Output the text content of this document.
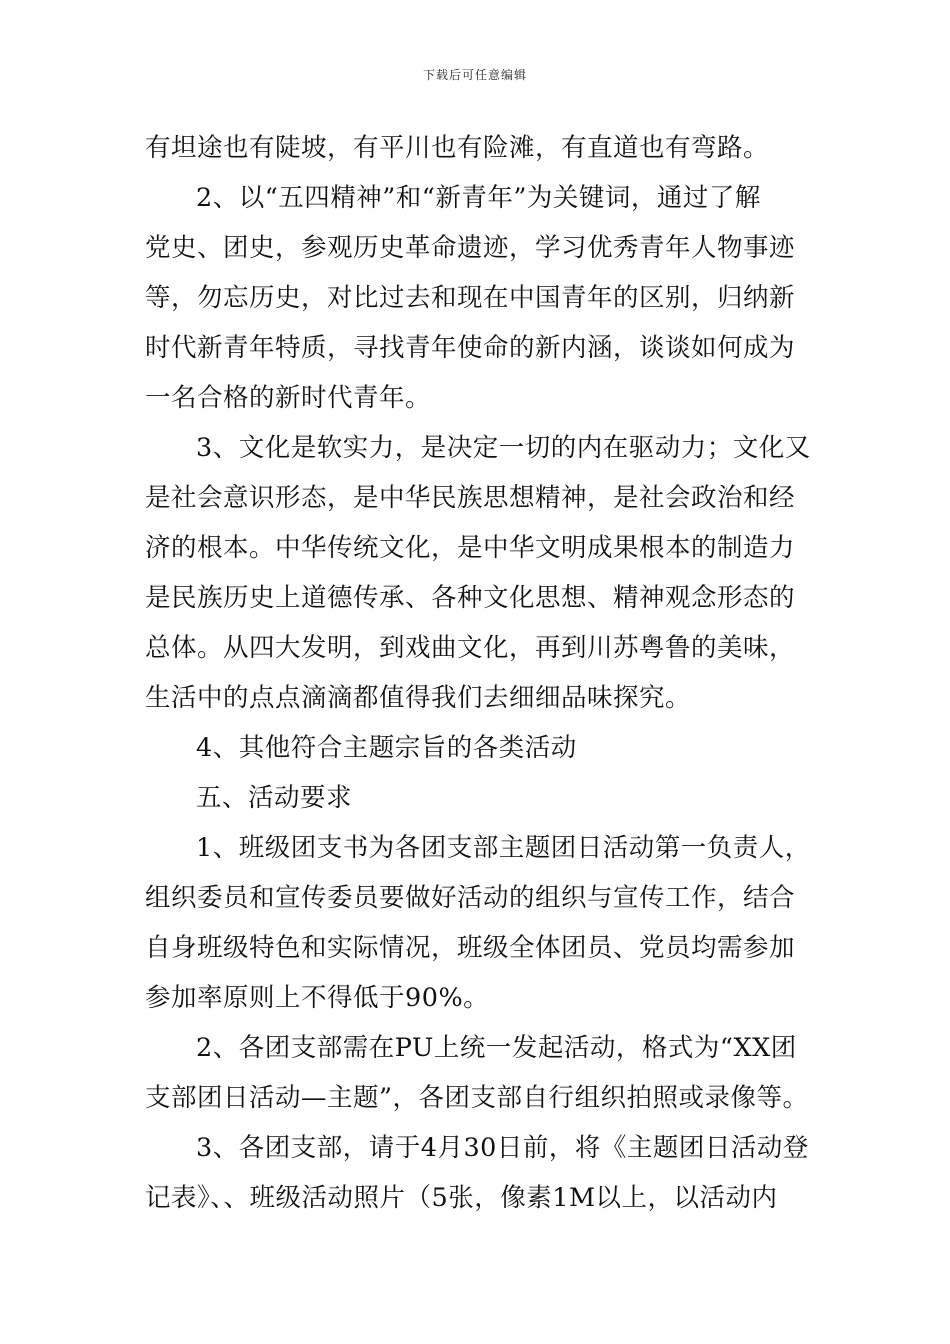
下载后可任意编辑
有坦途也有陡坡，有平川也有险滩，有直道也有弯路。
2、以“五四精神”和“新青年”为关键词，通过了解
党史、团史，参观历史革命遗迹，学习优秀青年人物事迹
等，勿忘历史，对比过去和现在中国青年的区别，归纳新
时代新青年特质，寻找青年使命的新内涵，谈谈如何成为
一名合格的新时代青年。
3、文化是软实力，是决定一切的内在驱动力；文化又
是社会意识形态，是中华民族思想精神，是社会政治和经
济的根本。中华传统文化，是中华文明成果根本的制造力
是民族历史上道德传承、各种文化思想、精神观念形态的
总体。从四大发明，到戏曲文化，再到川苏粤鲁的美味，
生活中的点点滴滴都值得我们去细细品味探究。
4、其他符合主题宗旨的各类活动
五、活动要求
1、班级团支书为各团支部主题团日活动第一负责人，
组织委员和宣传委员要做好活动的组织与宣传工作，结合
自身班级特色和实际情况，班级全体团员、党员均需参加
参加率原则上不得低于90%。
2、各团支部需在PU上统一发起活动，格式为“XX团
支部团日活动—主题”，各团支部自行组织拍照或录像等。
3、各团支部，请于4月30日前，将《主题团日活动登
记表》、、班级活动照片（5张，像素1M以上，以活动内
